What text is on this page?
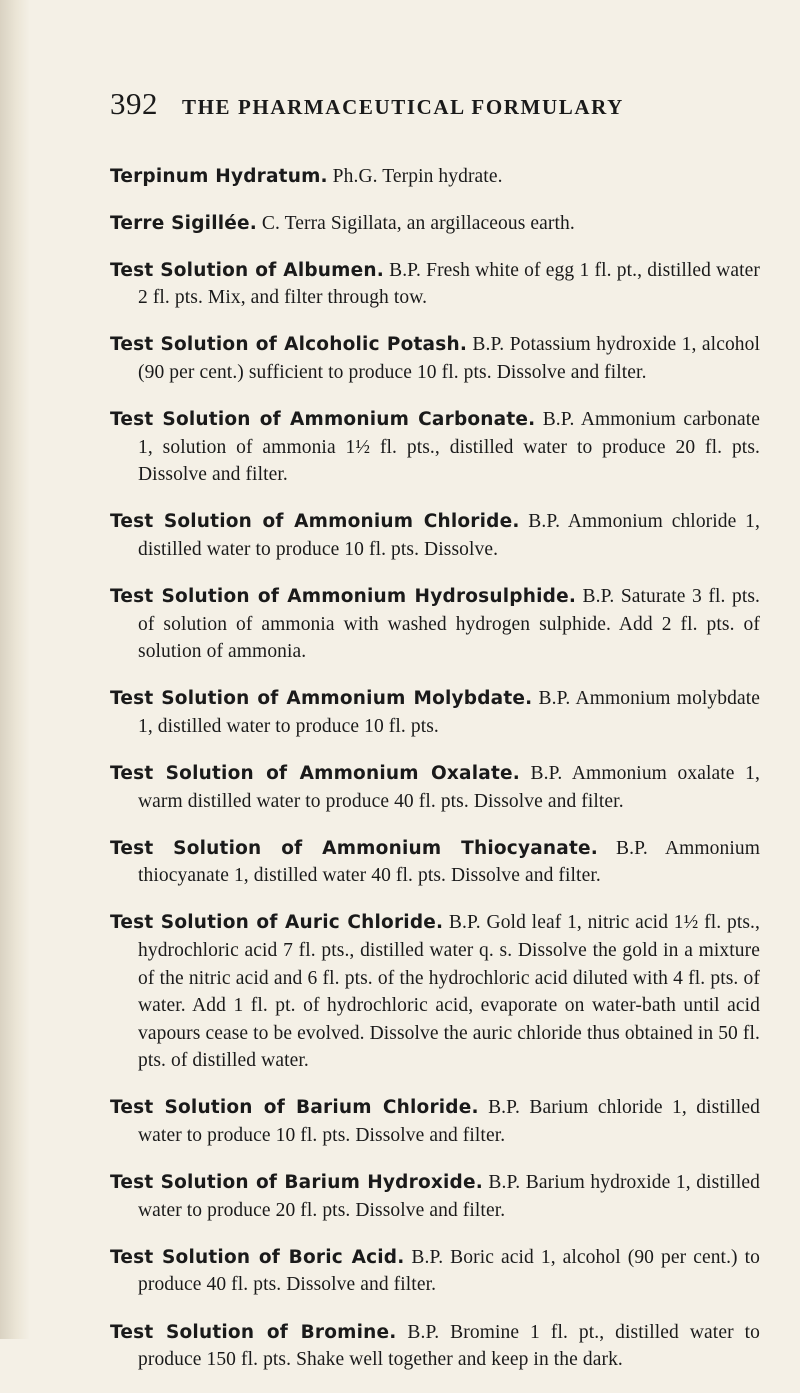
392 THE PHARMACEUTICAL FORMULARY

Terpinum Hydratum. Ph.G. Terpin hydrate.

Terre Sigillée. C. Terra Sigillata, an argillaceous earth.

Test Solution of Albumen. B.P. Fresh white of egg 1 fl. pt., distilled water 2 fl. pts. Mix, and filter through tow.

Test Solution of Alcoholic Potash. B.P. Potassium hydroxide 1, alcohol (90 per cent.) sufficient to produce 10 fl. pts. Dissolve and filter.

Test Solution of Ammonium Carbonate. B.P. Ammonium carbonate 1, solution of ammonia 1½ fl. pts., distilled water to produce 20 fl. pts. Dissolve and filter.

Test Solution of Ammonium Chloride. B.P. Ammonium chloride 1, distilled water to produce 10 fl. pts. Dissolve.

Test Solution of Ammonium Hydrosulphide. B.P. Saturate 3 fl. pts. of solution of ammonia with washed hydrogen sulphide. Add 2 fl. pts. of solution of ammonia.

Test Solution of Ammonium Molybdate. B.P. Ammonium molybdate 1, distilled water to produce 10 fl. pts.

Test Solution of Ammonium Oxalate. B.P. Ammonium oxalate 1, warm distilled water to produce 40 fl. pts. Dissolve and filter.

Test Solution of Ammonium Thiocyanate. B.P. Ammonium thiocyanate 1, distilled water 40 fl. pts. Dissolve and filter.

Test Solution of Auric Chloride. B.P. Gold leaf 1, nitric acid 1½ fl. pts., hydrochloric acid 7 fl. pts., distilled water q. s. Dissolve the gold in a mixture of the nitric acid and 6 fl. pts. of the hydrochloric acid diluted with 4 fl. pts. of water. Add 1 fl. pt. of hydrochloric acid, evaporate on water-bath until acid vapours cease to be evolved. Dissolve the auric chloride thus obtained in 50 fl. pts. of distilled water.

Test Solution of Barium Chloride. B.P. Barium chloride 1, distilled water to produce 10 fl. pts. Dissolve and filter.

Test Solution of Barium Hydroxide. B.P. Barium hydroxide 1, distilled water to produce 20 fl. pts. Dissolve and filter.

Test Solution of Boric Acid. B.P. Boric acid 1, alcohol (90 per cent.) to produce 40 fl. pts. Dissolve and filter.

Test Solution of Bromine. B.P. Bromine 1 fl. pt., distilled water to produce 150 fl. pts. Shake well together and keep in the dark.
